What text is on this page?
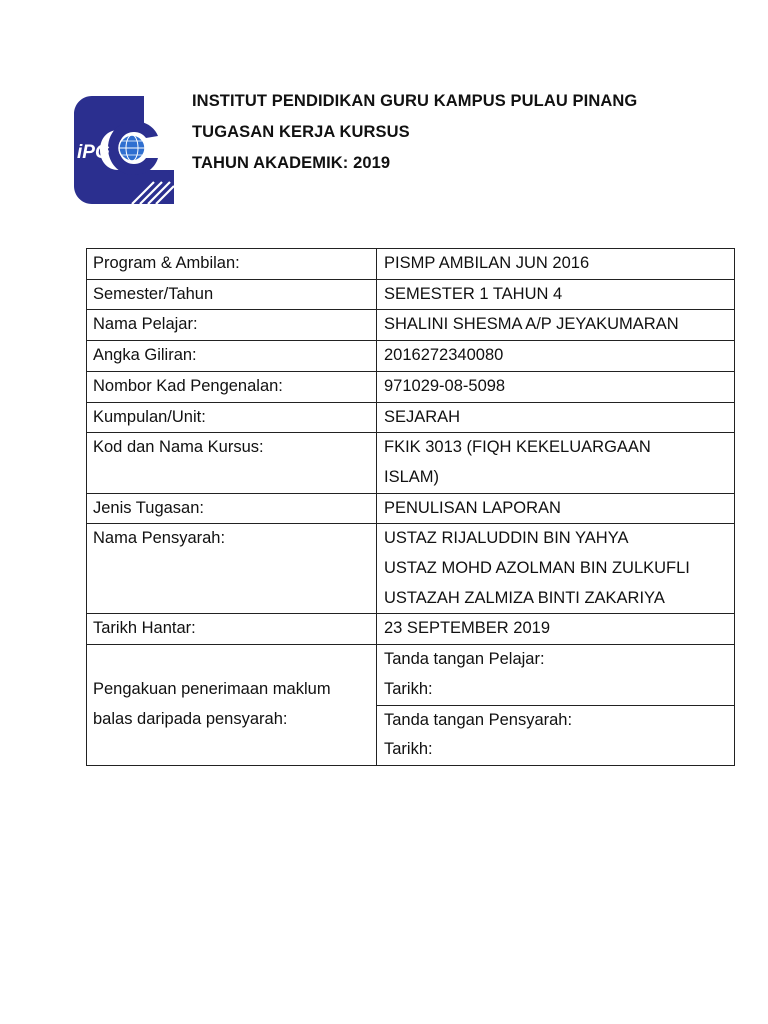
iPG
INSTITUT PENDIDIKAN GURU KAMPUS PULAU PINANG
TUGASAN KERJA KURSUS
TAHUN AKADEMIK: 2019
Program & Ambilan:	PISMP AMBILAN JUN 2016
Semester/Tahun	SEMESTER 1 TAHUN 4
Nama Pelajar:	SHALINI SHESMA A/P JEYAKUMARAN
Angka Giliran:	2016272340080
Nombor Kad Pengenalan:	971029-08-5098
Kumpulan/Unit:	SEJARAH
Kod dan Nama Kursus:	FKIK 3013 (FIQH KEKELUARGAAN
ISLAM)

Jenis Tugasan:	PENULISAN LAPORAN
Nama Pensyarah:	USTAZ RIJALUDDIN BIN YAHYA
USTAZ MOHD AZOLMAN BIN ZULKUFLI
USTAZAH ZALMIZA BINTI ZAKARIYA

Tarikh Hantar:	23 SEPTEMBER 2019

Pengakuan penerimaan maklum
balas daripada pensyarah:	Tanda tangan Pelajar:
Tarikh:

	Tanda tangan Pensyarah:
Tarikh:
